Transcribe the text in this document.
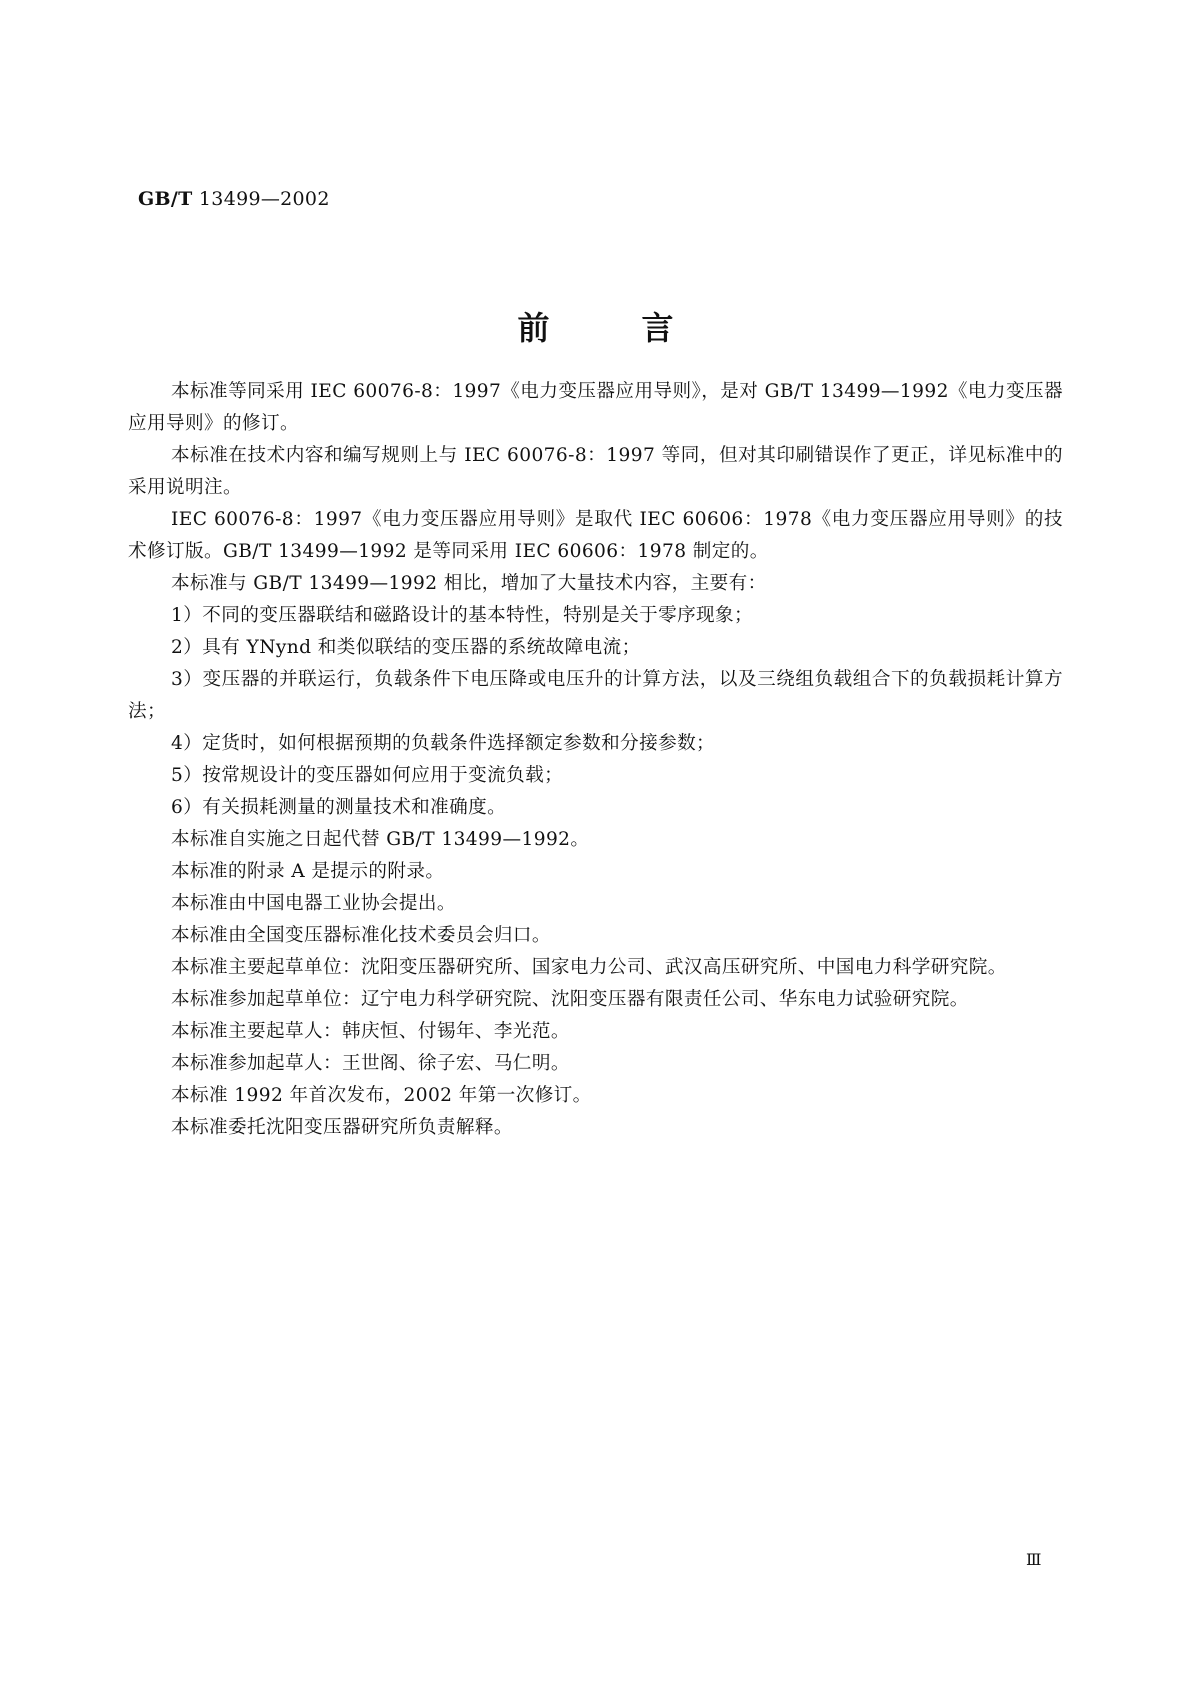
GB/T 13499—2002
前言

本标准等同采用 IEC 60076-8：1997《电力变压器应用导则》，是对 GB/T 13499—1992《电力变压器应用导则》的修订。

本标准在技术内容和编写规则上与 IEC 60076-8：1997 等同，但对其印刷错误作了更正，详见标准中的采用说明注。

IEC 60076-8：1997《电力变压器应用导则》是取代 IEC 60606：1978《电力变压器应用导则》的技术修订版。GB/T 13499—1992 是等同采用 IEC 60606：1978 制定的。

本标准与 GB/T 13499—1992 相比，增加了大量技术内容，主要有：

1）不同的变压器联结和磁路设计的基本特性，特别是关于零序现象；

2）具有 YNynd 和类似联结的变压器的系统故障电流；

3）变压器的并联运行，负载条件下电压降或电压升的计算方法，以及三绕组负载组合下的负载损耗计算方法；

4）定货时，如何根据预期的负载条件选择额定参数和分接参数；

5）按常规设计的变压器如何应用于变流负载；

6）有关损耗测量的测量技术和准确度。

本标准自实施之日起代替 GB/T 13499—1992。

本标准的附录 A 是提示的附录。

本标准由中国电器工业协会提出。

本标准由全国变压器标准化技术委员会归口。

本标准主要起草单位：沈阳变压器研究所、国家电力公司、武汉高压研究所、中国电力科学研究院。

本标准参加起草单位：辽宁电力科学研究院、沈阳变压器有限责任公司、华东电力试验研究院。

本标准主要起草人：韩庆恒、付锡年、李光范。

本标准参加起草人：王世阁、徐子宏、马仁明。

本标准 1992 年首次发布，2002 年第一次修订。

本标准委托沈阳变压器研究所负责解释。

Ⅲ
